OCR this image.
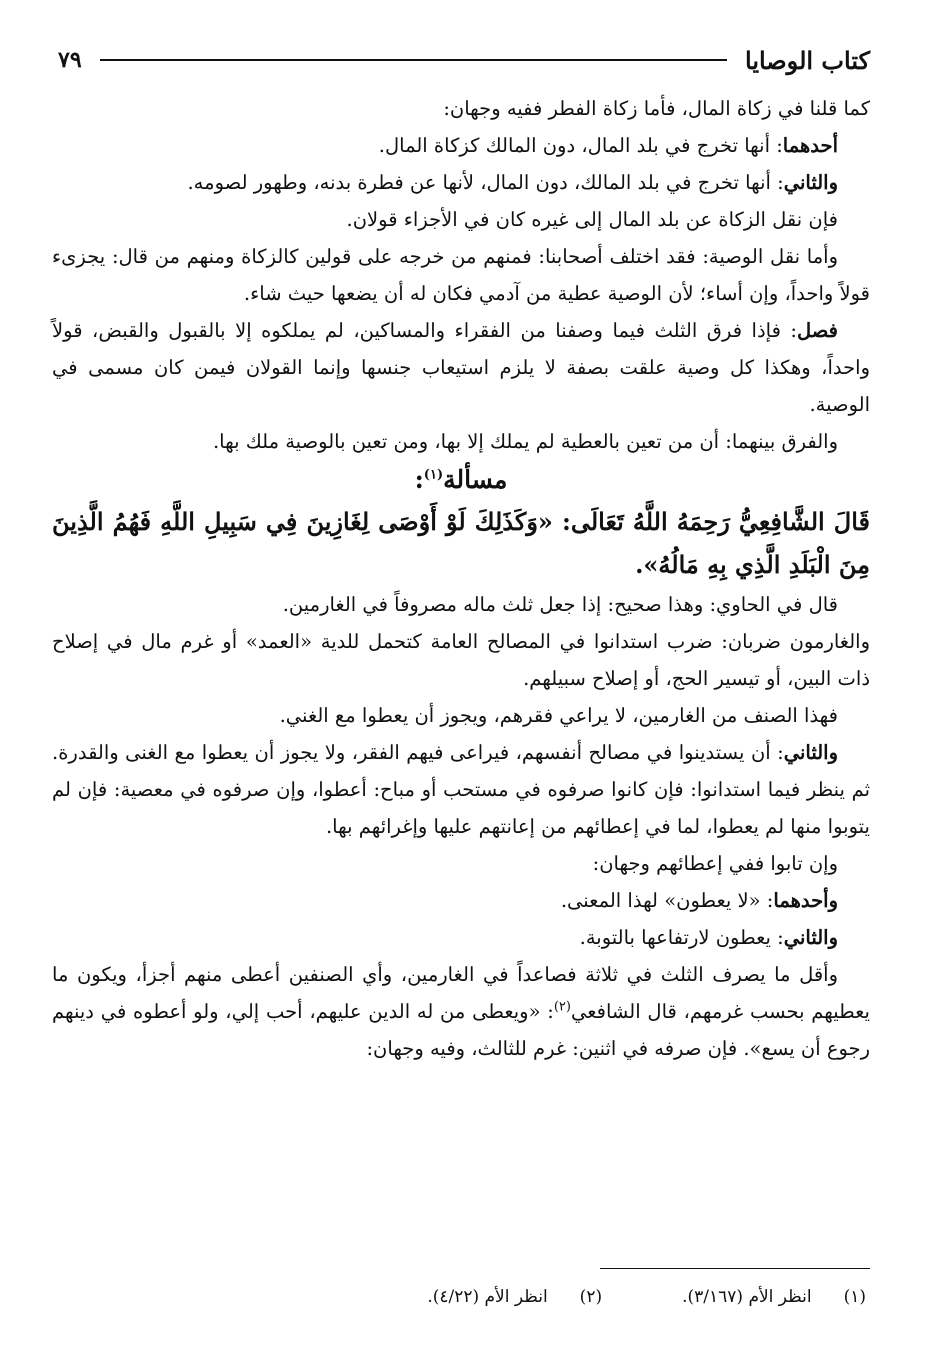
كتاب الوصايا
٧٩

كما قلنا في زكاة المال، فأما زكاة الفطر ففيه وجهان:

أحدهما: أنها تخرج في بلد المال، دون المالك كزكاة المال.

والثاني: أنها تخرج في بلد المالك، دون المال، لأنها عن فطرة بدنه، وطهور لصومه.

فإن نقل الزكاة عن بلد المال إلى غيره كان في الأجزاء قولان.

وأما نقل الوصية: فقد اختلف أصحابنا: فمنهم من خرجه على قولين كالزكاة ومنهم من قال: يجزىء قولاً واحداً، وإن أساء؛ لأن الوصية عطية من آدمي فكان له أن يضعها حيث شاء.

فصل: فإذا فرق الثلث فيما وصفنا من الفقراء والمساكين، لم يملكوه إلا بالقبول والقبض، قولاً واحداً، وهكذا كل وصية علقت بصفة لا يلزم استيعاب جنسها وإنما القولان فيمن كان مسمى في الوصية.

والفرق بينهما: أن من تعين بالعطية لم يملك إلا بها، ومن تعين بالوصية ملك بها.

مسألة$^{(١)}$:

قَالَ الشَّافِعِيُّ رَحِمَهُ اللَّهُ تَعَالَى: «وَكَذَلِكَ لَوْ أَوْصَى لِغَازِينَ فِي سَبِيلِ اللَّهِ فَهُمُ الَّذِينَ مِنَ الْبَلَدِ الَّذِي بِهِ مَالُهُ».

قال في الحاوي: وهذا صحيح: إذا جعل ثلث ماله مصروفاً في الغارمين.

والغارمون ضربان: ضرب استدانوا في المصالح العامة كتحمل للدية «العمد» أو غرم مال في إصلاح ذات البين، أو تيسير الحج، أو إصلاح سبيلهم.

فهذا الصنف من الغارمين، لا يراعي فقرهم، ويجوز أن يعطوا مع الغني.

والثاني: أن يستدينوا في مصالح أنفسهم، فيراعى فيهم الفقر، ولا يجوز أن يعطوا مع الغنى والقدرة. ثم ينظر فيما استدانوا: فإن كانوا صرفوه في مستحب أو مباح: أعطوا، وإن صرفوه في معصية: فإن لم يتوبوا منها لم يعطوا، لما في إعطائهم من إعانتهم عليها وإغرائهم بها.

وإن تابوا ففي إعطائهم وجهان:

وأحدهما: «لا يعطون» لهذا المعنى.

والثاني: يعطون لارتفاعها بالتوبة.

وأقل ما يصرف الثلث في ثلاثة فصاعداً في الغارمين، وأي الصنفين أعطى منهم أجزأ، ويكون ما يعطيهم بحسب غرمهم، قال الشافعي$^{(٢)}$: «ويعطى من له الدين عليهم، أحب إلي، ولو أعطوه في دينهم رجوع أن يسع». فإن صرفه في اثنين: غرم للثالث، وفيه وجهان:

(١)انظر الأم (٣/١٦٧).
(٢)انظر الأم (٤/٢٢).
